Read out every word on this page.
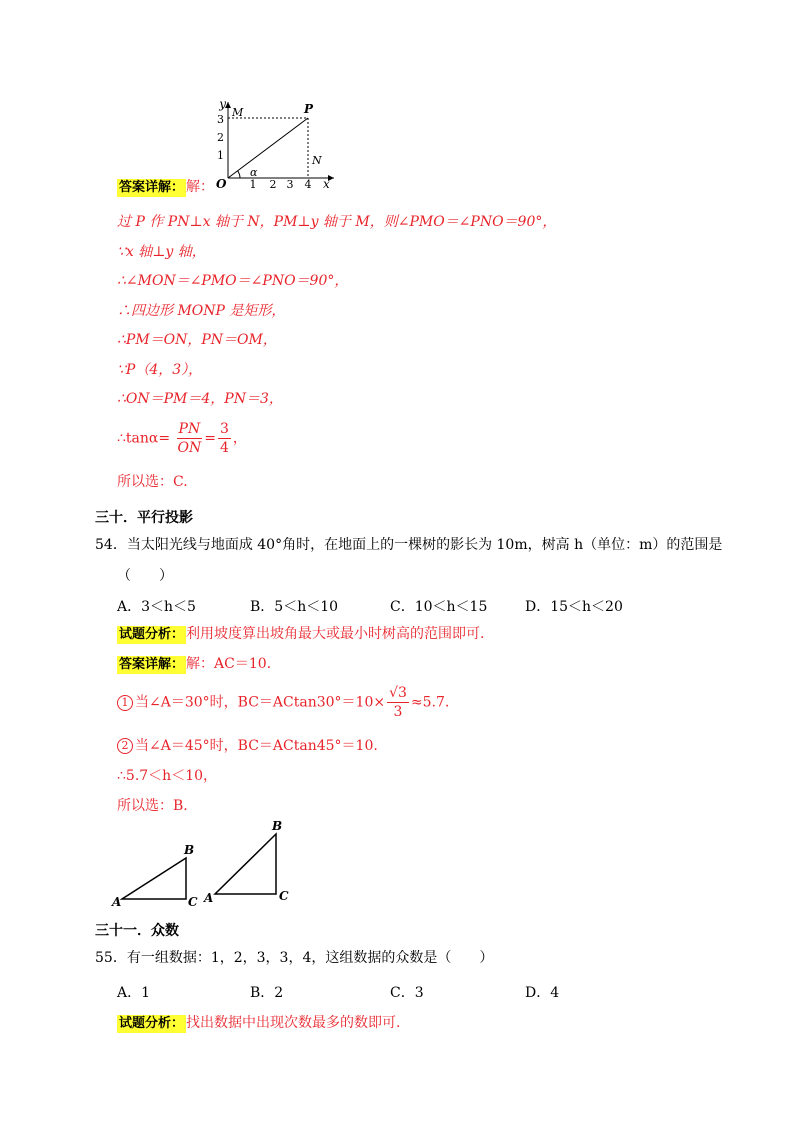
y
x
O
α
M	P
N
1 2 3 4
1
2
3
答案详解： 解：
过 P 作 PN⊥x 轴于 N，PM⊥y 轴于 M，则∠PMO＝∠PNO＝90°，
∵x 轴⊥y 轴，
∴∠MON＝∠PMO＝∠PNO＝90°，
∴四边形 MONP 是矩形，
∴PM＝ON，PN＝OM，
∵P（4，3），
∴ON＝PM＝4，PN＝3，
∴tanα= $\frac{PN}{ON} = \frac{3}{4}$ ，
所以选：C.
三十．平行投影
54．当太阳光线与地面成 40°角时，在地面上的一棵树的影长为 10m，树高 h（单位：m）的范围是
（　　）
A．3＜h＜5	B．5＜h＜10	C．10＜h＜15	D．15＜h＜20
试题分析： 利用坡度算出坡角最大或最小时树高的范围即可.
答案详解： 解：AC＝10.
1 当∠A＝30°时，$BC=ACtan30^\circ=10\times \frac{√3}{3} \approx 5.7$.
2 当∠A＝45°时，BC＝ACtan45°＝10.
∴5.7＜h＜10，
所以选：B.
A
B
C A
B
C
三十一．众数
55．有一组数据：1，2，3，3，4，这组数据的众数是（　　）
A．1	B．2	C．3	D．4
试题分析： 找出数据中出现次数最多的数即可.
